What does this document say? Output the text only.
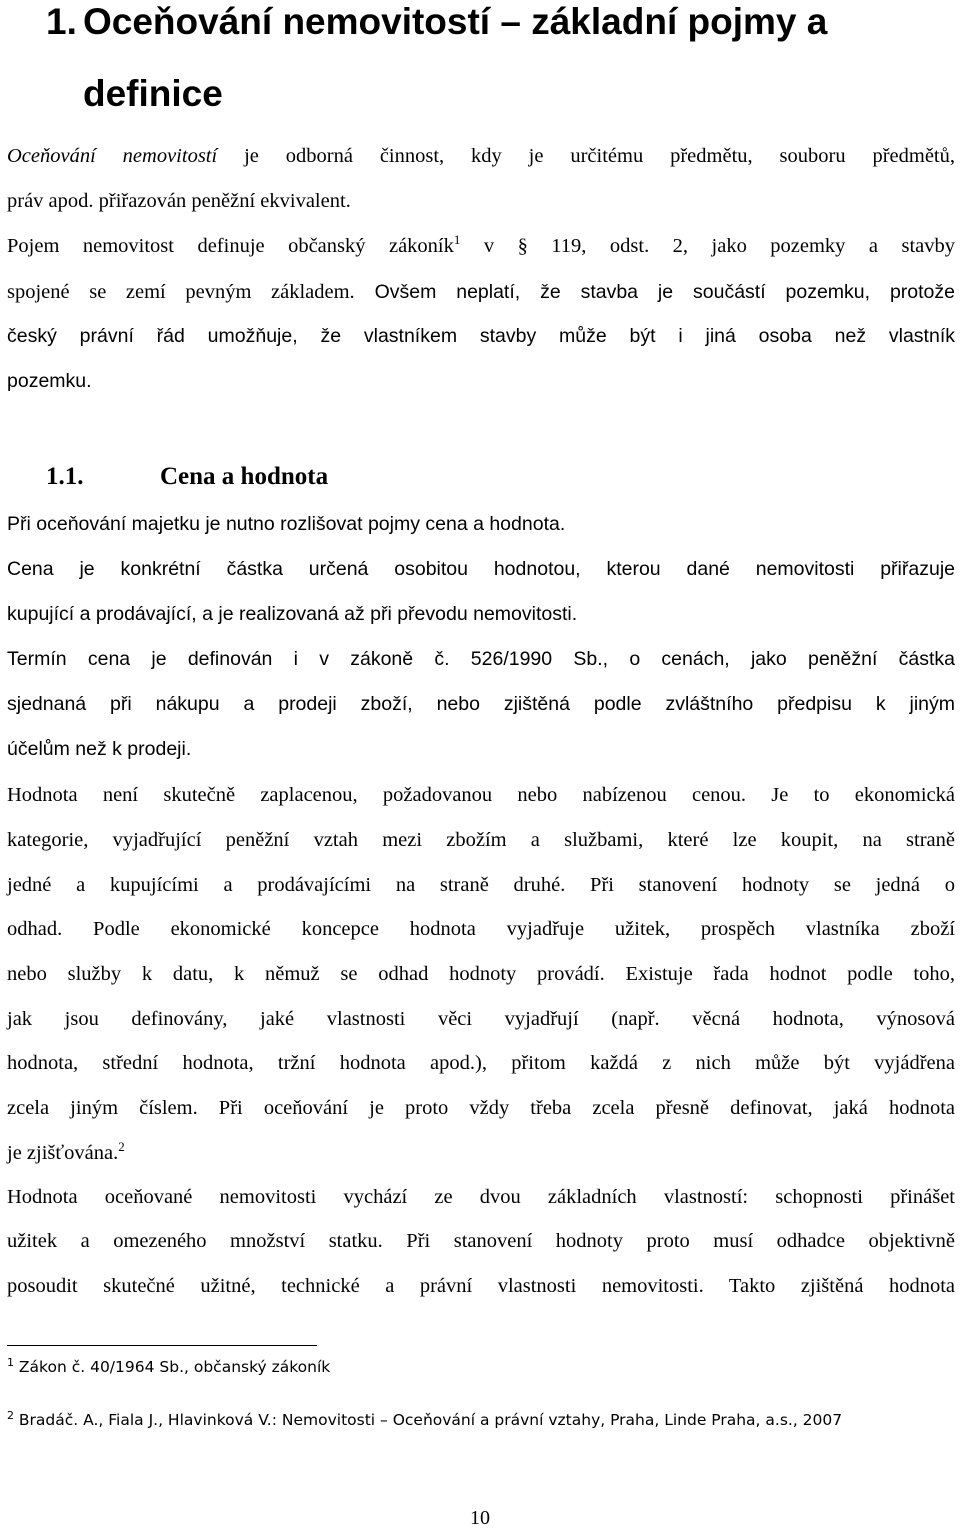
1. Oceňování nemovitostí – základní pojmy a
definice

Oceňování nemovitostí je odborná činnost, kdy je určitému předmětu, souboru předmětů,

práv apod. přiřazován peněžní ekvivalent.

Pojem nemovitost definuje občanský zákoník$^1$ v § 119, odst. 2, jako pozemky a stavby

spojené se zemí pevným základem. Ovšem neplatí, že stavba je součástí pozemku, protože

český právní řád umožňuje, že vlastníkem stavby může být i jiná osoba než vlastník

pozemku.

1.1.	Cena a hodnota

Při oceňování majetku je nutno rozlišovat pojmy cena a hodnota.

Cena je konkrétní částka určená osobitou hodnotou, kterou dané nemovitosti přiřazuje

kupující a prodávající, a je realizovaná až při převodu nemovitosti.

Termín cena je definován i v zákoně č. 526/1990 Sb., o cenách, jako peněžní částka

sjednaná při nákupu a prodeji zboží, nebo zjištěná podle zvláštního předpisu k jiným

účelům než k prodeji.

Hodnota není skutečně zaplacenou, požadovanou nebo nabízenou cenou. Je to ekonomická

kategorie, vyjadřující peněžní vztah mezi zbožím a službami, které lze koupit, na straně

jedné a kupujícími a prodávajícími na straně druhé. Při stanovení hodnoty se jedná o

odhad. Podle ekonomické koncepce hodnota vyjadřuje užitek, prospěch vlastníka zboží

nebo služby k datu, k němuž se odhad hodnoty provádí. Existuje řada hodnot podle toho,

jak jsou definovány, jaké vlastnosti věci vyjadřují (např. věcná hodnota, výnosová

hodnota, střední hodnota, tržní hodnota apod.), přitom každá z nich může být vyjádřena

zcela jiným číslem. Při oceňování je proto vždy třeba zcela přesně definovat, jaká hodnota

je zjišťována.$^2$

Hodnota oceňované nemovitosti vychází ze dvou základních vlastností: schopnosti přinášet

užitek a omezeného množství statku. Při stanovení hodnoty proto musí odhadce objektivně

posoudit skutečné užitné, technické a právní vlastnosti nemovitosti. Takto zjištěná hodnota

$^1$ Zákon č. 40/1964 Sb., občanský zákoník

$^2$ Bradáč. A., Fiala J., Hlavinková V.: Nemovitosti – Oceňování a právní vztahy, Praha, Linde Praha, a.s., 2007

10
